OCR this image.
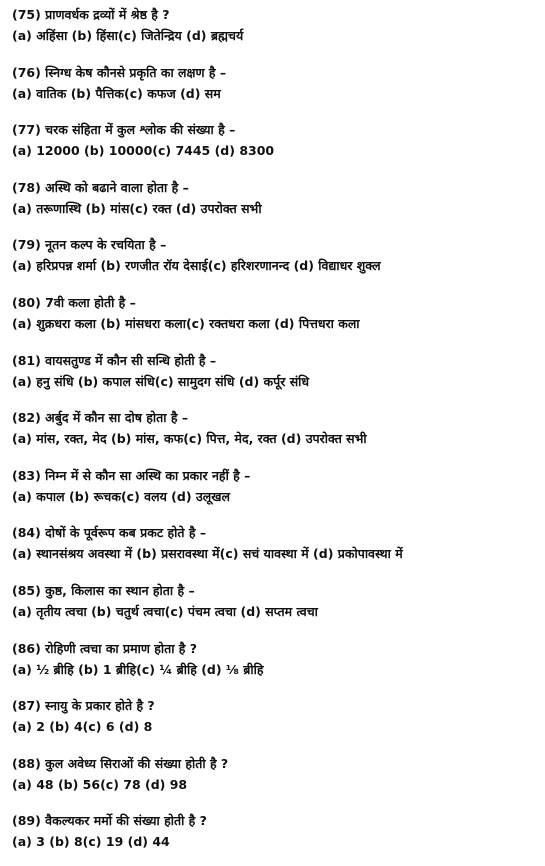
(75) प्राणवर्धक द्रव्यों में श्रेष्ठ है ?
(a) अहिंसा (b) हिंसा(c) जितेन्द्रिय (d) ब्रह्मचर्य
(76) स्निग्ध केष कौनसे प्रकृति का लक्षण है –
(a) वातिक (b) पैत्तिक(c) कफज (d) सम
(77) चरक संहिता में कुल श्लोक की संख्या है –
(a) 12000 (b) 10000(c) 7445 (d) 8300
(78) अस्थि को बढाने वाला होता है –
(a) तरूणास्थि (b) मांस(c) रक्त (d) उपरोक्त सभी
(79) नूतन कल्प के रचयिता है –
(a) हरिप्रपन्न शर्मा (b) रणजीत रॉय देसाई(c) हरिशरणानन्द (d) विद्याधर शुक्ल
(80) 7वी कला होती है –
(a) शुक्रधरा कला (b) मांसधरा कला(c) रक्तधरा कला (d) पित्तधरा कला
(81) वायसतुण्ड में कौन सी सन्धि होती है –
(a) हनु संधि (b) कपाल संधि(c) सामुदग संधि (d) कर्पूर संधि
(82) अर्बुद में कौन सा दोष होता है –
(a) मांस, रक्त, मेद (b) मांस, कफ(c) पित्त, मेद, रक्त (d) उपरोक्त सभी
(83) निम्न में से कौन सा अस्थि का प्रकार नहीं है –
(a) कपाल (b) रूचक(c) वलय (d) उलूखल
(84) दोषों के पूर्वरूप कब प्रकट होते है –
(a) स्थानसंश्रय अवस्था में (b) प्रसरावस्था में(c) सचं यावस्था में (d) प्रकोपावस्था में
(85) कुष्ठ, किलास का स्थान होता है –
(a) तृतीय त्वचा (b) चतुर्थ त्वचा(c) पंचम त्वचा (d) सप्तम त्वचा
(86) रोहिणी त्वचा का प्रमाण होता है ?
(a) ½ ब्रीहि (b) 1 ब्रीहि(c) ¼ ब्रीहि (d) ⅛ ब्रीहि
(87) स्नायु के प्रकार होते है ?
(a) 2 (b) 4(c) 6 (d) 8
(88) कुल अवेध्य सिराओं की संख्या होती है ?
(a) 48 (b) 56(c) 78 (d) 98
(89) वैकल्यकर मर्मो की संख्या होती है ?
(a) 3 (b) 8(c) 19 (d) 44
